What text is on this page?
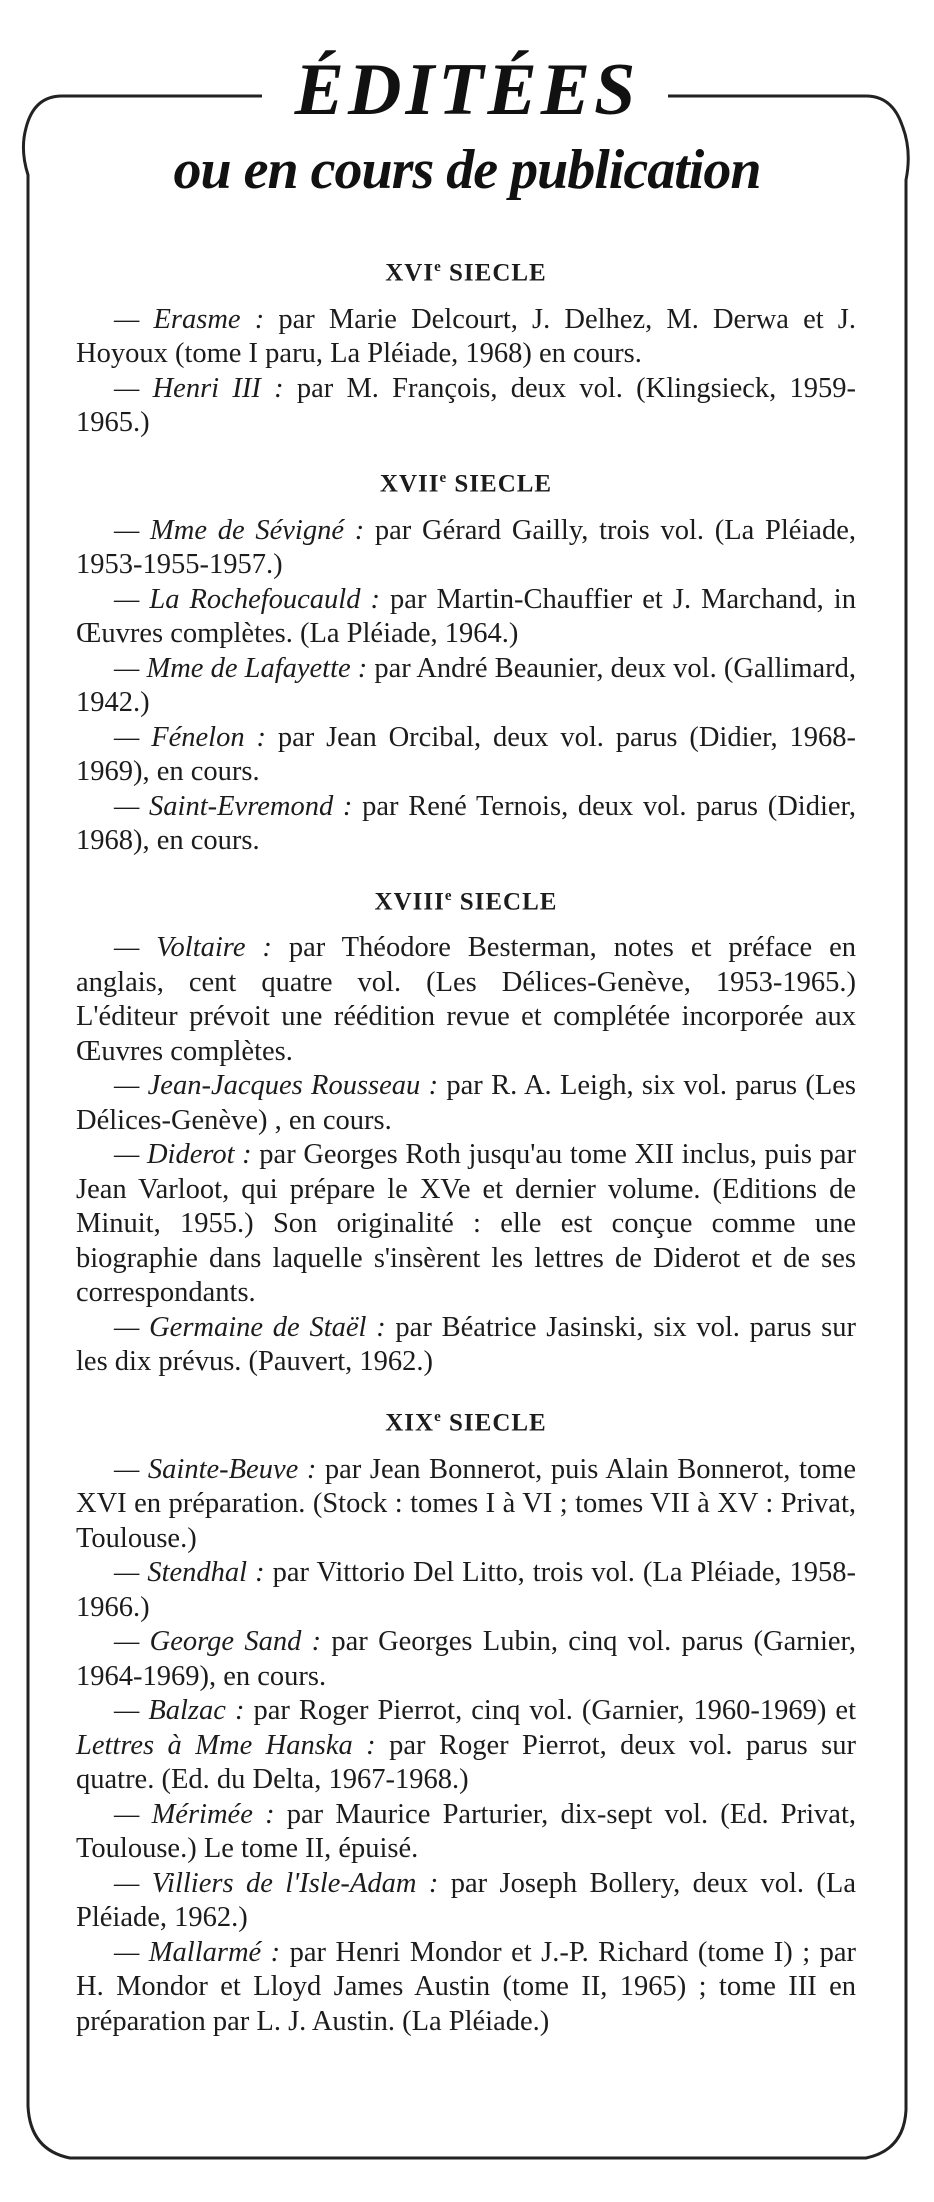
ÉDITÉES
ou en cours de publication
XVIe SIECLE

— Erasme : par Marie Delcourt, J. Delhez, M. Derwa et J. Hoyoux (tome I paru, La Pléiade, 1968) en cours.

— Henri III : par M. François, deux vol. (Klingsieck, 1959-1965.)

XVIIe SIECLE

— Mme de Sévigné : par Gérard Gailly, trois vol. (La Pléiade, 1953-1955-1957.)

— La Rochefoucauld : par Martin-Chauffier et J. Marchand, in Œuvres complètes. (La Pléiade, 1964.)

— Mme de Lafayette : par André Beaunier, deux vol. (Gallimard, 1942.)

— Fénelon : par Jean Orcibal, deux vol. parus (Didier, 1968-1969), en cours.

— Saint-Evremond : par René Ternois, deux vol. parus (Didier, 1968), en cours.

XVIIIe SIECLE

— Voltaire : par Théodore Besterman, notes et préface en anglais, cent quatre vol. (Les Délices-Genève, 1953-1965.) L'éditeur prévoit une réédition revue et complétée incorporée aux Œuvres complètes.

— Jean-Jacques Rousseau : par R. A. Leigh, six vol. parus (Les Délices-Genève) , en cours.

— Diderot : par Georges Roth jusqu'au tome XII inclus, puis par Jean Varloot, qui prépare le XVe et dernier volume. (Editions de Minuit, 1955.) Son originalité : elle est conçue comme une biographie dans laquelle s'insèrent les lettres de Diderot et de ses correspondants.

— Germaine de Staël : par Béatrice Jasinski, six vol. parus sur les dix prévus. (Pauvert, 1962.)

XIXe SIECLE

— Sainte-Beuve : par Jean Bonnerot, puis Alain Bonnerot, tome XVI en préparation. (Stock : tomes I à VI ; tomes VII à XV : Privat, Toulouse.)

— Stendhal : par Vittorio Del Litto, trois vol. (La Pléiade, 1958-1966.)

— George Sand : par Georges Lubin, cinq vol. parus (Garnier, 1964-1969), en cours.

— Balzac : par Roger Pierrot, cinq vol. (Garnier, 1960-1969) et Lettres à Mme Hanska : par Roger Pierrot, deux vol. parus sur quatre. (Ed. du Delta, 1967-1968.)

— Mérimée : par Maurice Parturier, dix-sept vol. (Ed. Privat, Toulouse.) Le tome II, épuisé.

— Villiers de l'Isle-Adam : par Joseph Bollery, deux vol. (La Pléiade, 1962.)

— Mallarmé : par Henri Mondor et J.-P. Richard (tome I) ; par H. Mondor et Lloyd James Austin (tome II, 1965) ; tome III en préparation par L. J. Austin. (La Pléiade.)
